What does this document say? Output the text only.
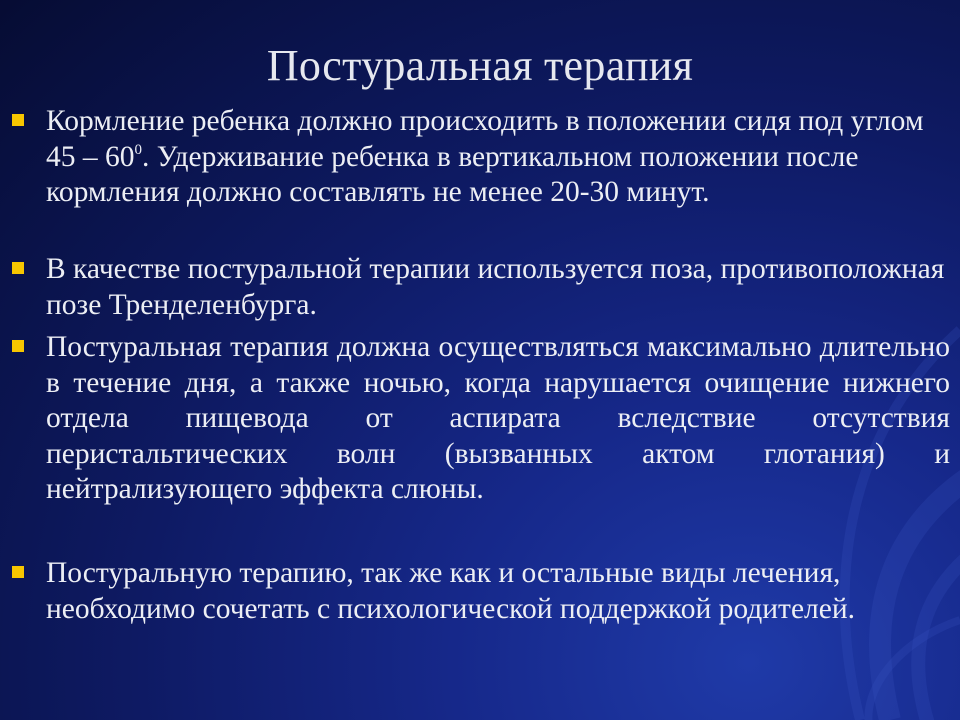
Постуральная терапия
Кормление ребенка должно происходить в положении сидя под углом $45 - 60^0$. Удерживание ребенка в вертикальном положении после кормления должно составлять не менее 20-30 минут.
В качестве постуральной терапии используется поза, противоположная позе Тренделенбурга.
Постуральная терапия должна осуществляться максимально длительно в течение дня, а также ночью, когда нарушается очищение нижнего отдела пищевода от аспирата вследствие отсутствия перистальтических волн (вызванных актом глотания) и нейтрализующего эффекта слюны.
Постуральную терапию, так же как и остальные виды лечения, необходимо сочетать с психологической поддержкой родителей.
